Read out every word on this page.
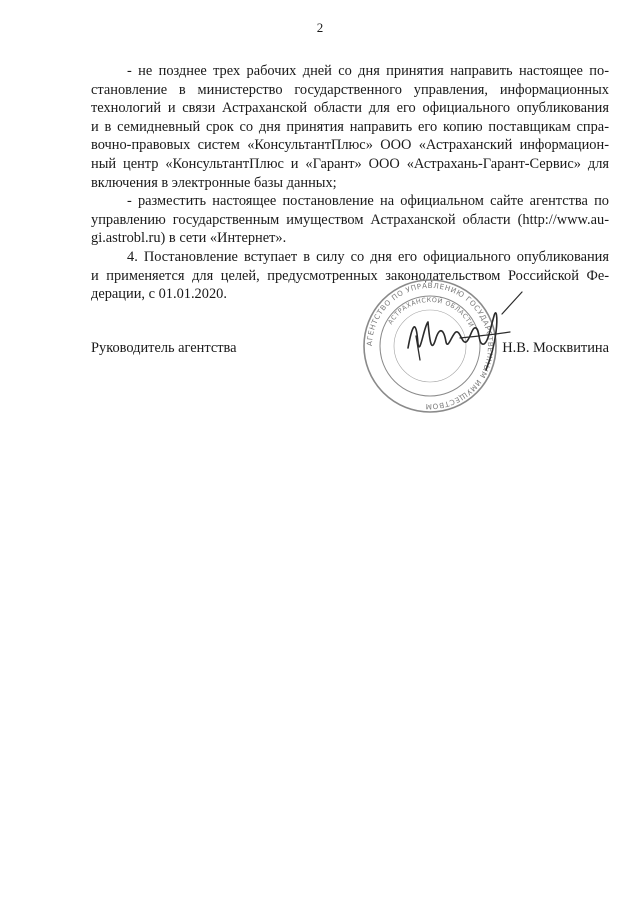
2
- не позднее трех рабочих дней со дня принятия направить настоящее по-
становление в министерство государственного управления, информационных
технологий и связи Астраханской области для его официального опубликования
и в семидневный срок со дня принятия направить его копию поставщикам спра-
вочно-правовых систем «КонсультантПлюс» ООО «Астраханский информацион-
ный центр «КонсультантПлюс и «Гарант» ООО «Астрахань-Гарант-Сервис» для
включения в электронные базы данных;
- разместить настоящее постановление на официальном сайте агентства по
управлению государственным имуществом Астраханской области (http://www.au-
gi.astrobl.ru) в сети «Интернет».
4. Постановление вступает в силу со дня его официального опубликования
и применяется для целей, предусмотренных законодательством Российской Фе-
дерации, с 01.01.2020.
АГЕНТСТВО ПО УПРАВЛЕНИЮ ГОСУДАРСТВЕННЫМ ИМУЩЕСТВОМ
АСТРАХАНСКОЙ ОБЛАСТИ
Руководитель агентства	Н.В. Москвитина
